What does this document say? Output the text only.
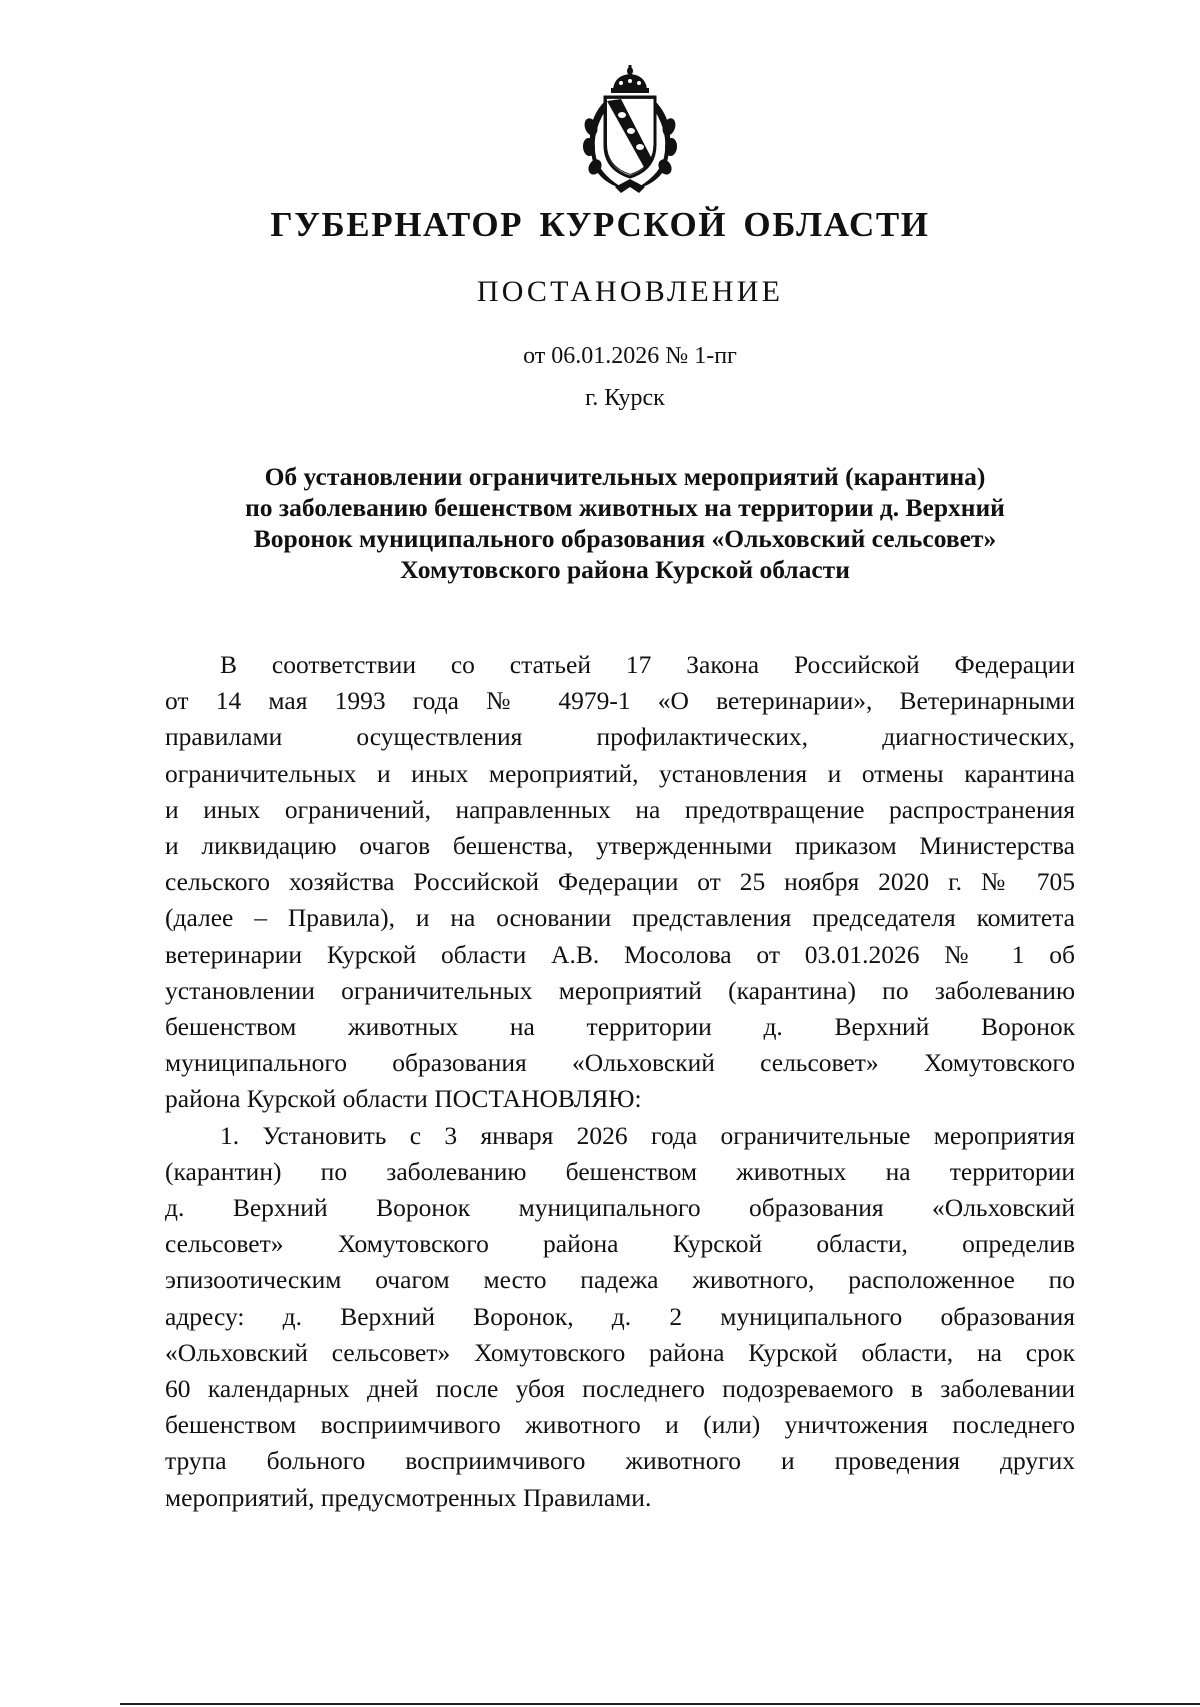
ГУБЕРНАТОР КУРСКОЙ ОБЛАСТИ
ПОСТАНОВЛЕНИЕ
от 06.01.2026 № 1-пг
г. Курск
Об установлении ограничительных мероприятий (карантина)
по заболеванию бешенством животных на территории д. Верхний
Воронок муниципального образования «Ольховский сельсовет»
Хомутовского района Курской области
В соответствии со статьей 17 Закона Российской Федерации
от 14 мая 1993 года № 4979-1 «О ветеринарии», Ветеринарными
правилами осуществления профилактических, диагностических,
ограничительных и иных мероприятий, установления и отмены карантина
и иных ограничений, направленных на предотвращение распространения
и ликвидацию очагов бешенства, утвержденными приказом Министерства
сельского хозяйства Российской Федерации от 25 ноября 2020 г. № 705
(далее – Правила), и на основании представления председателя комитета
ветеринарии Курской области А.В. Мосолова от 03.01.2026 № 1 об
установлении ограничительных мероприятий (карантина) по заболеванию
бешенством животных на территории д. Верхний Воронок
муниципального образования «Ольховский сельсовет» Хомутовского
района Курской области ПОСТАНОВЛЯЮ:
1. Установить с 3 января 2026 года ограничительные мероприятия
(карантин) по заболеванию бешенством животных на территории
д. Верхний Воронок муниципального образования «Ольховский
сельсовет» Хомутовского района Курской области, определив
эпизоотическим очагом место падежа животного, расположенное по
адресу: д. Верхний Воронок, д. 2 муниципального образования
«Ольховский сельсовет» Хомутовского района Курской области, на срок
60 календарных дней после убоя последнего подозреваемого в заболевании
бешенством восприимчивого животного и (или) уничтожения последнего
трупа больного восприимчивого животного и проведения других
мероприятий, предусмотренных Правилами.
